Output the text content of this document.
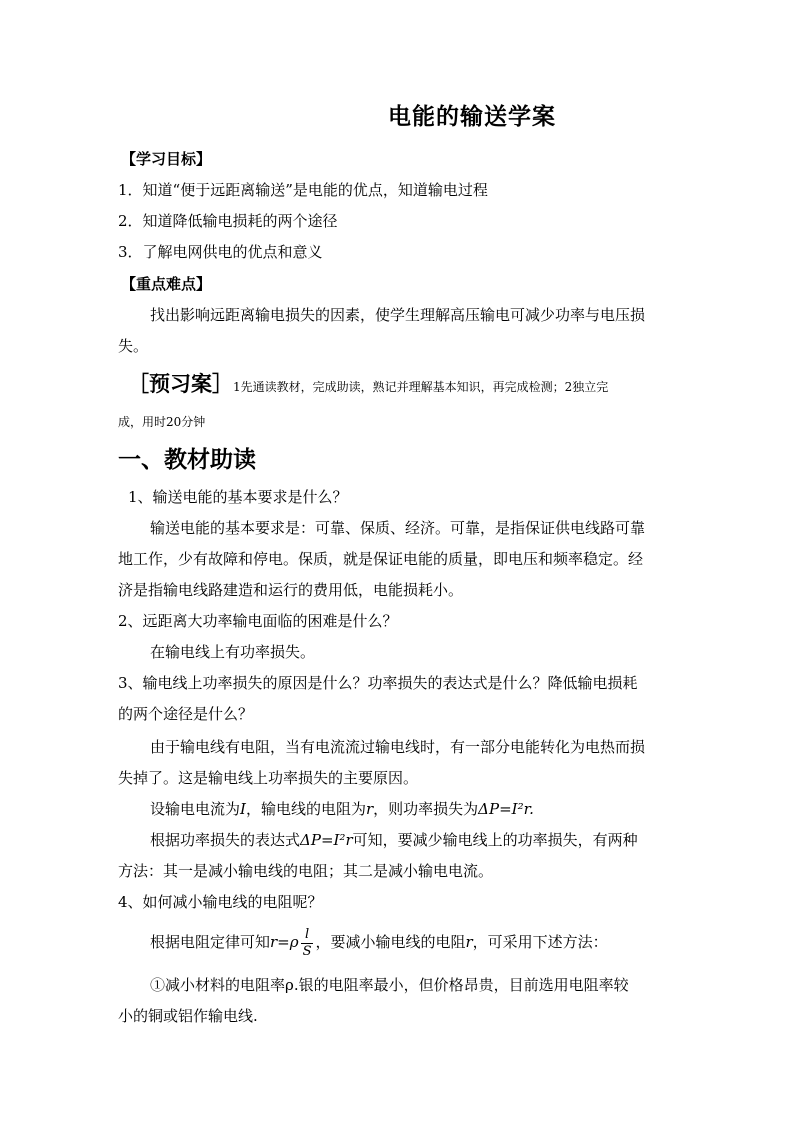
电能的输送学案
【学习目标】
1．知道“便于远距离输送”是电能的优点，知道输电过程
2．知道降低输电损耗的两个途径
3．了解电网供电的优点和意义
【重点难点】
找出影响远距离输电损失的因素，使学生理解高压输电可减少功率与电压损
失。
［预习案］1先通读教材，完成助读，熟记并理解基本知识，再完成检测；2独立完
成，用时20分钟
一、教材助读
1、输送电能的基本要求是什么？
输送电能的基本要求是：可靠、保质、经济。可靠，是指保证供电线路可靠
地工作，少有故障和停电。保质，就是保证电能的质量，即电压和频率稳定。经
济是指输电线路建造和运行的费用低，电能损耗小。
2、远距离大功率输电面临的困难是什么？
在输电线上有功率损失。
3、输电线上功率损失的原因是什么？功率损失的表达式是什么？降低输电损耗
的两个途径是什么？
由于输电线有电阻，当有电流流过输电线时，有一部分电能转化为电热而损
失掉了。这是输电线上功率损失的主要原因。
设输电电流为I，输电线的电阻为r，则功率损失为ΔP=I²r.
根据功率损失的表达式ΔP=I²r可知，要减少输电线上的功率损失，有两种
方法：其一是减小输电线的电阻；其二是减小输电电流。
4、如何减小输电线的电阻呢？
根据电阻定律可知$r=\rho \frac{l}{S}$ ，要减小输电线的电阻r，可采用下述方法：
①减小材料的电阻率ρ.银的电阻率最小，但价格昂贵，目前选用电阻率较
小的铜或铝作输电线.
